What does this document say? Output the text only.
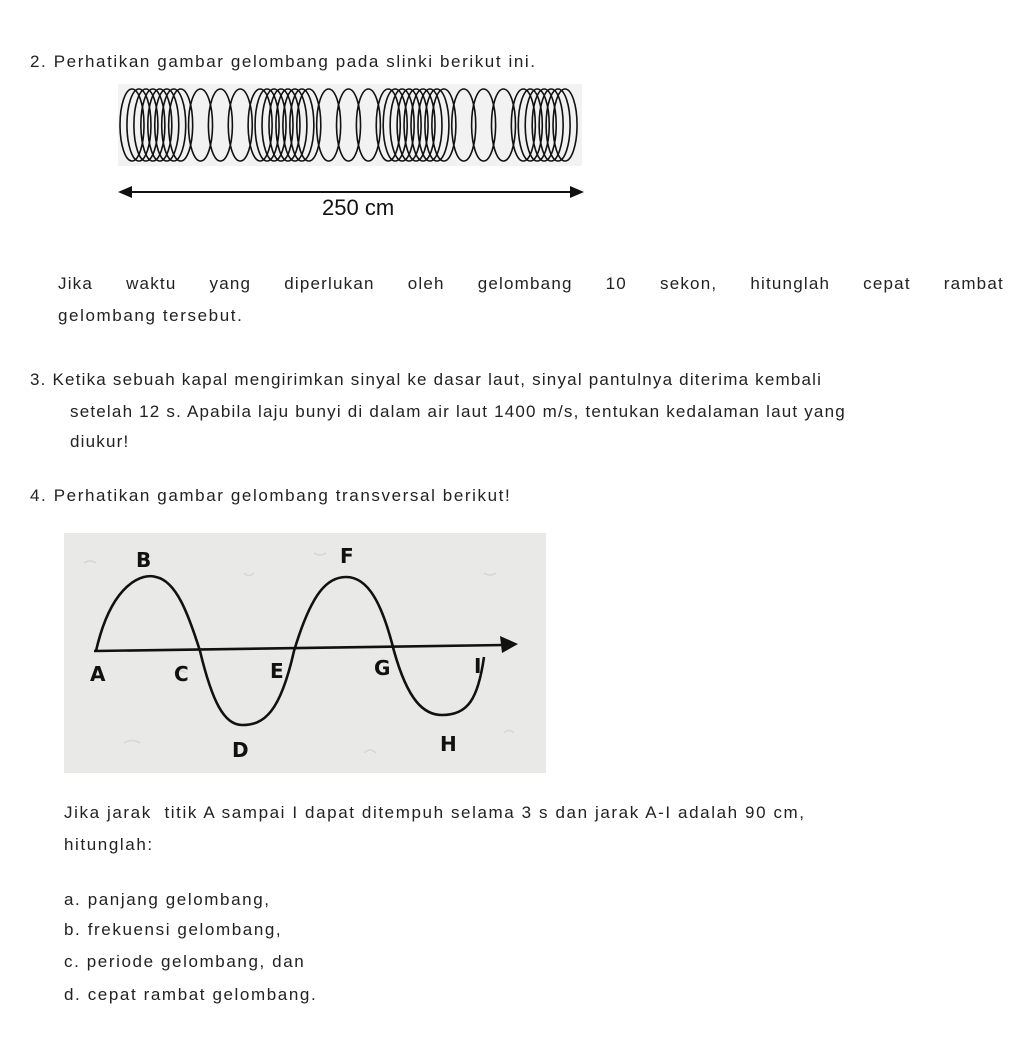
2. Perhatikan gambar gelombang pada slinki berikut ini.
250 cm
Jika waktu yang diperlukan oleh gelombang 10 sekon, hitunglah cepat rambat
gelombang tersebut.
3. Ketika sebuah kapal mengirimkan sinyal ke dasar laut, sinyal pantulnya diterima kembali
setelah 12 s. Apabila laju bunyi di dalam air laut 1400 m/s, tentukan kedalaman laut yang
diukur!
4. Perhatikan gambar gelombang transversal berikut!
B	F
A	C	E	G	I
D	H
Jika jarak  titik A sampai I dapat ditempuh selama 3 s dan jarak A-I adalah 90 cm,
hitunglah:
a. panjang gelombang,
b. frekuensi gelombang,
c. periode gelombang, dan
d. cepat rambat gelombang.
